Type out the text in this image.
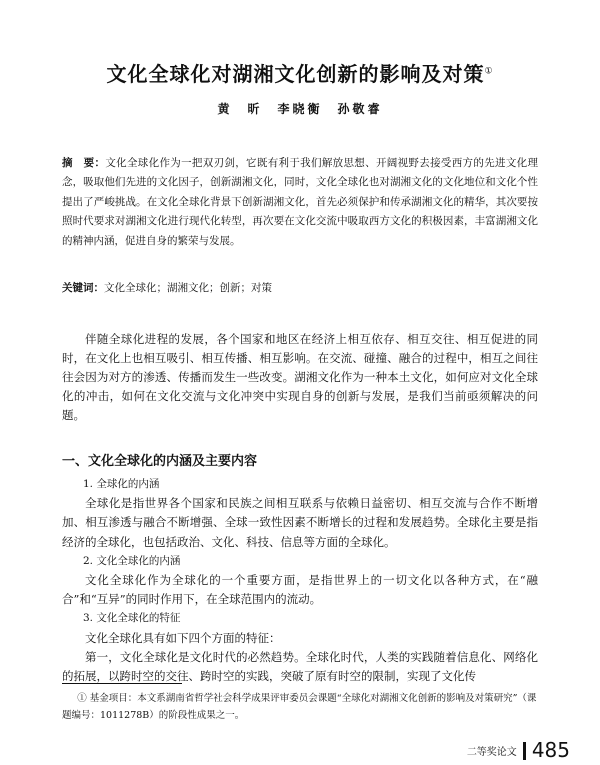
文化全球化对湖湘文化创新的影响及对策①
黄　昕　李晓衡　孙敬睿
摘　要：文化全球化作为一把双刃剑，它既有利于我们解放思想、开阔视野去接受西方的先进文化理念，吸取他们先进的文化因子，创新湖湘文化，同时，文化全球化也对湖湘文化的文化地位和文化个性提出了严峻挑战。在文化全球化背景下创新湖湘文化，首先必须保护和传承湖湘文化的精华，其次要按照时代要求对湖湘文化进行现代化转型，再次要在文化交流中吸取西方文化的积极因素，丰富湖湘文化的精神内涵，促进自身的繁荣与发展。
关键词：文化全球化；湖湘文化；创新；对策
伴随全球化进程的发展，各个国家和地区在经济上相互依存、相互交往、相互促进的同时，在文化上也相互吸引、相互传播、相互影响。在交流、碰撞、融合的过程中，相互之间往往会因为对方的渗透、传播而发生一些改变。湖湘文化作为一种本土文化，如何应对文化全球化的冲击，如何在文化交流与文化冲突中实现自身的创新与发展，是我们当前亟须解决的问题。
一、文化全球化的内涵及主要内容

1. 全球化的内涵

全球化是指世界各个国家和民族之间相互联系与依赖日益密切、相互交流与合作不断增加、相互渗透与融合不断增强、全球一致性因素不断增长的过程和发展趋势。全球化主要是指经济的全球化，也包括政治、文化、科技、信息等方面的全球化。

2. 文化全球化的内涵

文化全球化作为全球化的一个重要方面，是指世界上的一切文化以各种方式，在“融合”和“互异”的同时作用下，在全球范围内的流动。

3. 文化全球化的特征

文化全球化具有如下四个方面的特征：

第一，文化全球化是文化时代的必然趋势。全球化时代，人类的实践随着信息化、网络化的拓展，以跨时空的交往、跨时空的实践，突破了原有时空的限制，实现了文化传

① 基金项目：本文系湖南省哲学社会科学成果评审委员会课题“全球化对湖湘文化创新的影响及对策研究”（课题编号：1011278B）的阶段性成果之一。
二等奖论文 485
